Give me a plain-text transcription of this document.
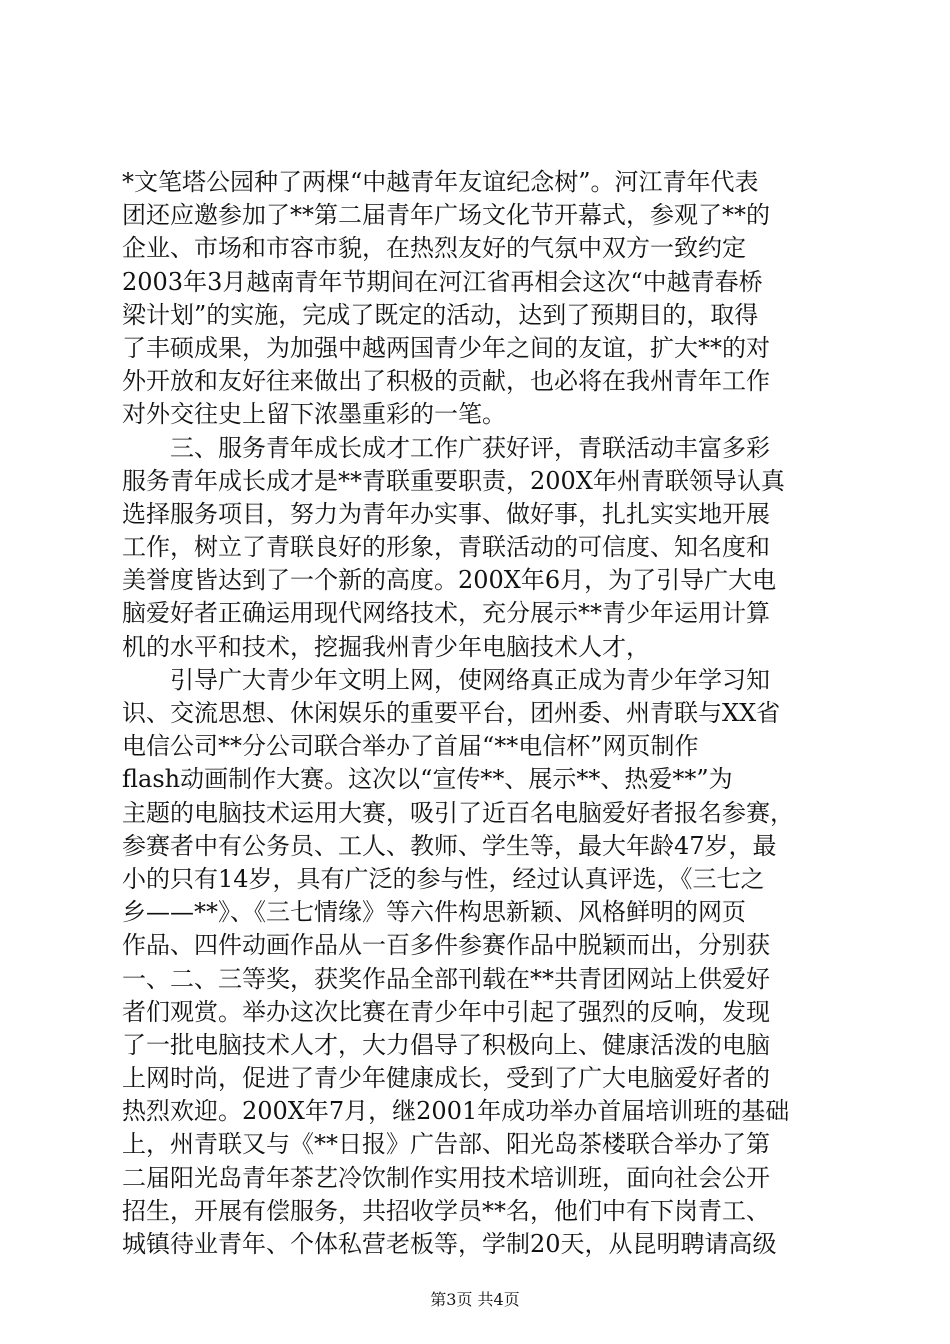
*文笔塔公园种了两棵“中越青年友谊纪念树”。河江青年代表
团还应邀参加了**第二届青年广场文化节开幕式，参观了**的
企业、市场和市容市貌，在热烈友好的气氛中双方一致约定
2003年3月越南青年节期间在河江省再相会这次“中越青春桥
梁计划”的实施，完成了既定的活动，达到了预期目的，取得
了丰硕成果，为加强中越两国青少年之间的友谊，扩大**的对
外开放和友好往来做出了积极的贡献，也必将在我州青年工作
对外交往史上留下浓墨重彩的一笔。
　　三、服务青年成长成才工作广获好评，青联活动丰富多彩
服务青年成长成才是**青联重要职责，200X年州青联领导认真
选择服务项目，努力为青年办实事、做好事，扎扎实实地开展
工作，树立了青联良好的形象，青联活动的可信度、知名度和
美誉度皆达到了一个新的高度。200X年6月，为了引导广大电
脑爱好者正确运用现代网络技术，充分展示**青少年运用计算
机的水平和技术，挖掘我州青少年电脑技术人才，
　　引导广大青少年文明上网，使网络真正成为青少年学习知
识、交流思想、休闲娱乐的重要平台，团州委、州青联与XX省
电信公司**分公司联合举办了首届“**电信杯”网页制作
flash动画制作大赛。这次以“宣传**、展示**、热爱**”为
主题的电脑技术运用大赛，吸引了近百名电脑爱好者报名参赛，
参赛者中有公务员、工人、教师、学生等，最大年龄47岁，最
小的只有14岁，具有广泛的参与性，经过认真评选，《三七之
乡——**》、《三七情缘》等六件构思新颖、风格鲜明的网页
作品、四件动画作品从一百多件参赛作品中脱颖而出，分别获
一、二、三等奖，获奖作品全部刊载在**共青团网站上供爱好
者们观赏。举办这次比赛在青少年中引起了强烈的反响，发现
了一批电脑技术人才，大力倡导了积极向上、健康活泼的电脑
上网时尚，促进了青少年健康成长，受到了广大电脑爱好者的
热烈欢迎。200X年7月，继2001年成功举办首届培训班的基础
上，州青联又与《**日报》广告部、阳光岛茶楼联合举办了第
二届阳光岛青年茶艺冷饮制作实用技术培训班，面向社会公开
招生，开展有偿服务，共招收学员**名，他们中有下岗青工、
城镇待业青年、个体私营老板等，学制20天，从昆明聘请高级
第3页 共4页
